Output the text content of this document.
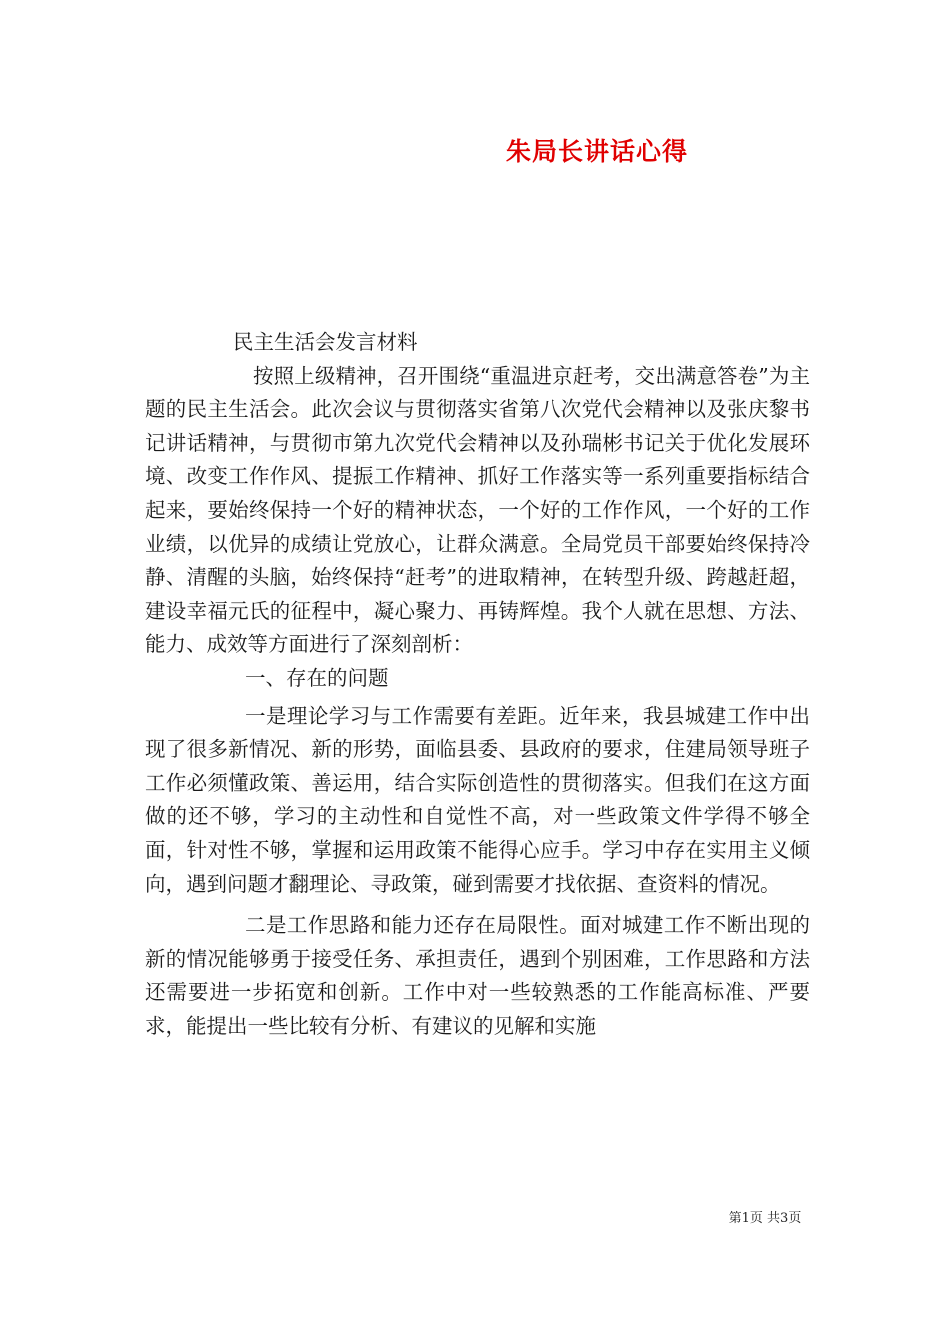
朱局长讲话心得

民主生活会发言材料

按照上级精神，召开围绕“重温进京赶考，交出满意答卷”为主题的民主生活会。此次会议与贯彻落实省第八次党代会精神以及张庆黎书记讲话精神，与贯彻市第九次党代会精神以及孙瑞彬书记关于优化发展环境、改变工作作风、提振工作精神、抓好工作落实等一系列重要指标结合起来，要始终保持一个好的精神状态，一个好的工作作风，一个好的工作业绩，以优异的成绩让党放心，让群众满意。全局党员干部要始终保持冷静、清醒的头脑，始终保持“赶考”的进取精神，在转型升级、跨越赶超，建设幸福元氏的征程中，凝心聚力、再铸辉煌。我个人就在思想、方法、能力、成效等方面进行了深刻剖析：

一、存在的问题

一是理论学习与工作需要有差距。近年来，我县城建工作中出现了很多新情况、新的形势，面临县委、县政府的要求，住建局领导班子工作必须懂政策、善运用，结合实际创造性的贯彻落实。但我们在这方面做的还不够，学习的主动性和自觉性不高，对一些政策文件学得不够全面，针对性不够，掌握和运用政策不能得心应手。学习中存在实用主义倾向，遇到问题才翻理论、寻政策，碰到需要才找依据、查资料的情况。

二是工作思路和能力还存在局限性。面对城建工作不断出现的新的情况能够勇于接受任务、承担责任，遇到个别困难，工作思路和方法还需要进一步拓宽和创新。工作中对一些较熟悉的工作能高标准、严要求，能提出一些比较有分析、有建议的见解和实施

第1页 共3页
